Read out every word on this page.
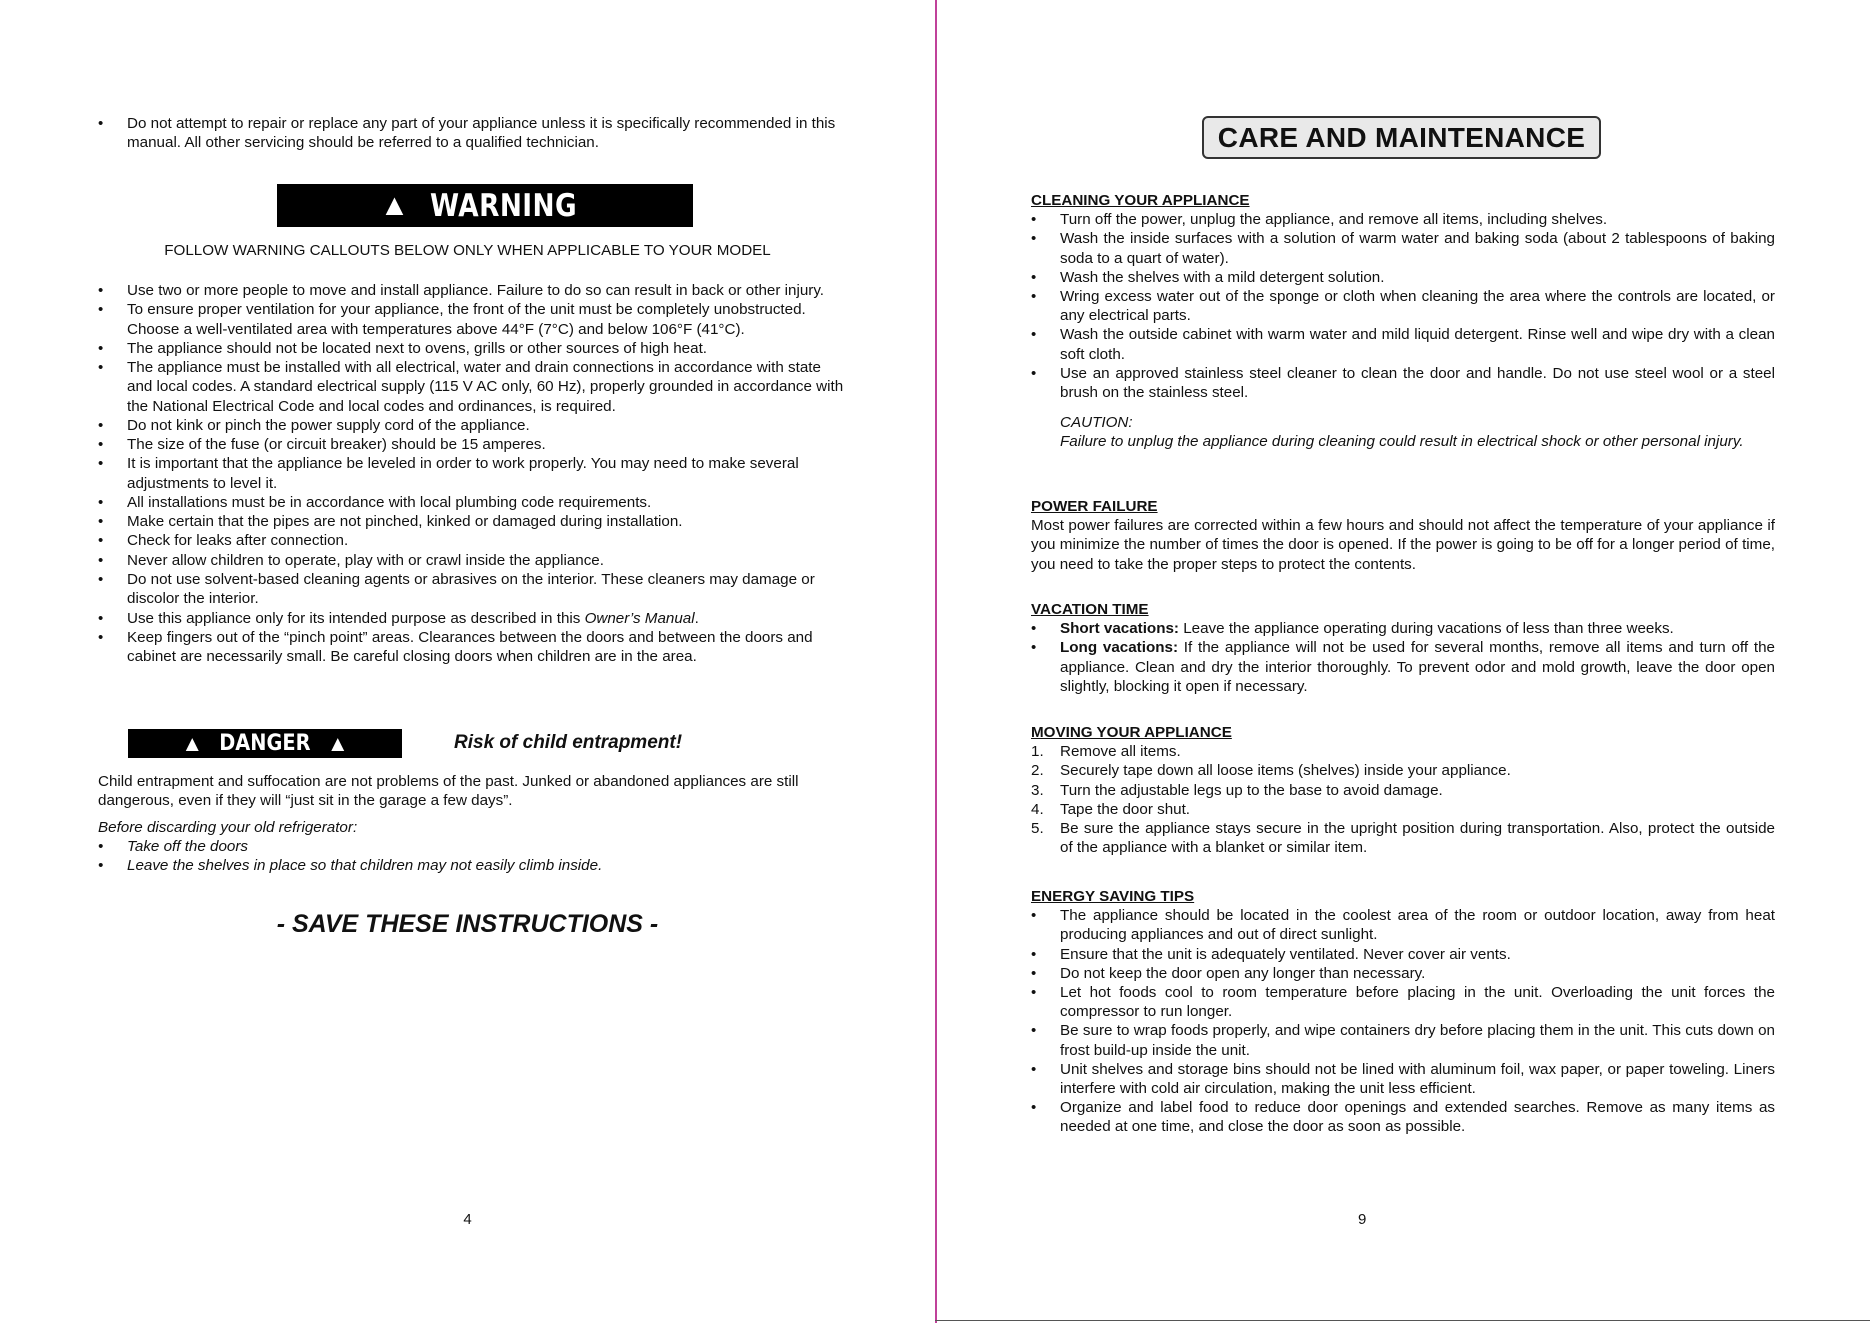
• Do not attempt to repair or replace any part of your appliance unless it is specifically recommended in this manual. All other servicing should be referred to a qualified technician.
▲ WARNING
FOLLOW WARNING CALLOUTS BELOW ONLY WHEN APPLICABLE TO YOUR MODEL
• Use two or more people to move and install appliance. Failure to do so can result in back or other injury.
• To ensure proper ventilation for your appliance, the front of the unit must be completely unobstructed. Choose a well-ventilated area with temperatures above 44°F (7°C) and below 106°F (41°C).
• The appliance should not be located next to ovens, grills or other sources of high heat.
• The appliance must be installed with all electrical, water and drain connections in accordance with state and local codes. A standard electrical supply (115 V AC only, 60 Hz), properly grounded in accordance with the National Electrical Code and local codes and ordinances, is required.
• Do not kink or pinch the power supply cord of the appliance.
• The size of the fuse (or circuit breaker) should be 15 amperes.
• It is important that the appliance be leveled in order to work properly. You may need to make several adjustments to level it.
• All installations must be in accordance with local plumbing code requirements.
• Make certain that the pipes are not pinched, kinked or damaged during installation.
• Check for leaks after connection.
• Never allow children to operate, play with or crawl inside the appliance.
• Do not use solvent-based cleaning agents or abrasives on the interior. These cleaners may damage or discolor the interior.
• Use this appliance only for its intended purpose as described in this Owner’s Manual.
• Keep fingers out of the “pinch point” areas. Clearances between the doors and between the doors and cabinet are necessarily small. Be careful closing doors when children are in the area.
▲ DANGER ▲	Risk of child entrapment!
Child entrapment and suffocation are not problems of the past. Junked or abandoned appliances are still dangerous, even if they will “just sit in the garage a few days”.
Before discarding your old refrigerator:
• Take off the doors
• Leave the shelves in place so that children may not easily climb inside.
- SAVE THESE INSTRUCTIONS -
4
CARE AND MAINTENANCE
CLEANING YOUR APPLIANCE
• Turn off the power, unplug the appliance, and remove all items, including shelves.
• Wash the inside surfaces with a solution of warm water and baking soda (about 2 tablespoons of baking soda to a quart of water).
• Wash the shelves with a mild detergent solution.
• Wring excess water out of the sponge or cloth when cleaning the area where the controls are located, or any electrical parts.
• Wash the outside cabinet with warm water and mild liquid detergent. Rinse well and wipe dry with a clean soft cloth.
• Use an approved stainless steel cleaner to clean the door and handle. Do not use steel wool or a steel brush on the stainless steel.
CAUTION:
Failure to unplug the appliance during cleaning could result in electrical shock or other personal injury.
POWER FAILURE

Most power failures are corrected within a few hours and should not affect the temperature of your appliance if you minimize the number of times the door is opened. If the power is going to be off for a longer period of time, you need to take the proper steps to protect the contents.

VACATION TIME
• Short vacations: Leave the appliance operating during vacations of less than three weeks.
• Long vacations: If the appliance will not be used for several months, remove all items and turn off the appliance. Clean and dry the interior thoroughly. To prevent odor and mold growth, leave the door open slightly, blocking it open if necessary.
MOVING YOUR APPLIANCE
1. Remove all items.
2. Securely tape down all loose items (shelves) inside your appliance.
3. Turn the adjustable legs up to the base to avoid damage.
4. Tape the door shut.
5. Be sure the appliance stays secure in the upright position during transportation. Also, protect the outside of the appliance with a blanket or similar item.
ENERGY SAVING TIPS
• The appliance should be located in the coolest area of the room or outdoor location, away from heat producing appliances and out of direct sunlight.
• Ensure that the unit is adequately ventilated. Never cover air vents.
• Do not keep the door open any longer than necessary.
• Let hot foods cool to room temperature before placing in the unit. Overloading the unit forces the compressor to run longer.
• Be sure to wrap foods properly, and wipe containers dry before placing them in the unit. This cuts down on frost build-up inside the unit.
• Unit shelves and storage bins should not be lined with aluminum foil, wax paper, or paper toweling. Liners interfere with cold air circulation, making the unit less efficient.
• Organize and label food to reduce door openings and extended searches. Remove as many items as needed at one time, and close the door as soon as possible.
9
